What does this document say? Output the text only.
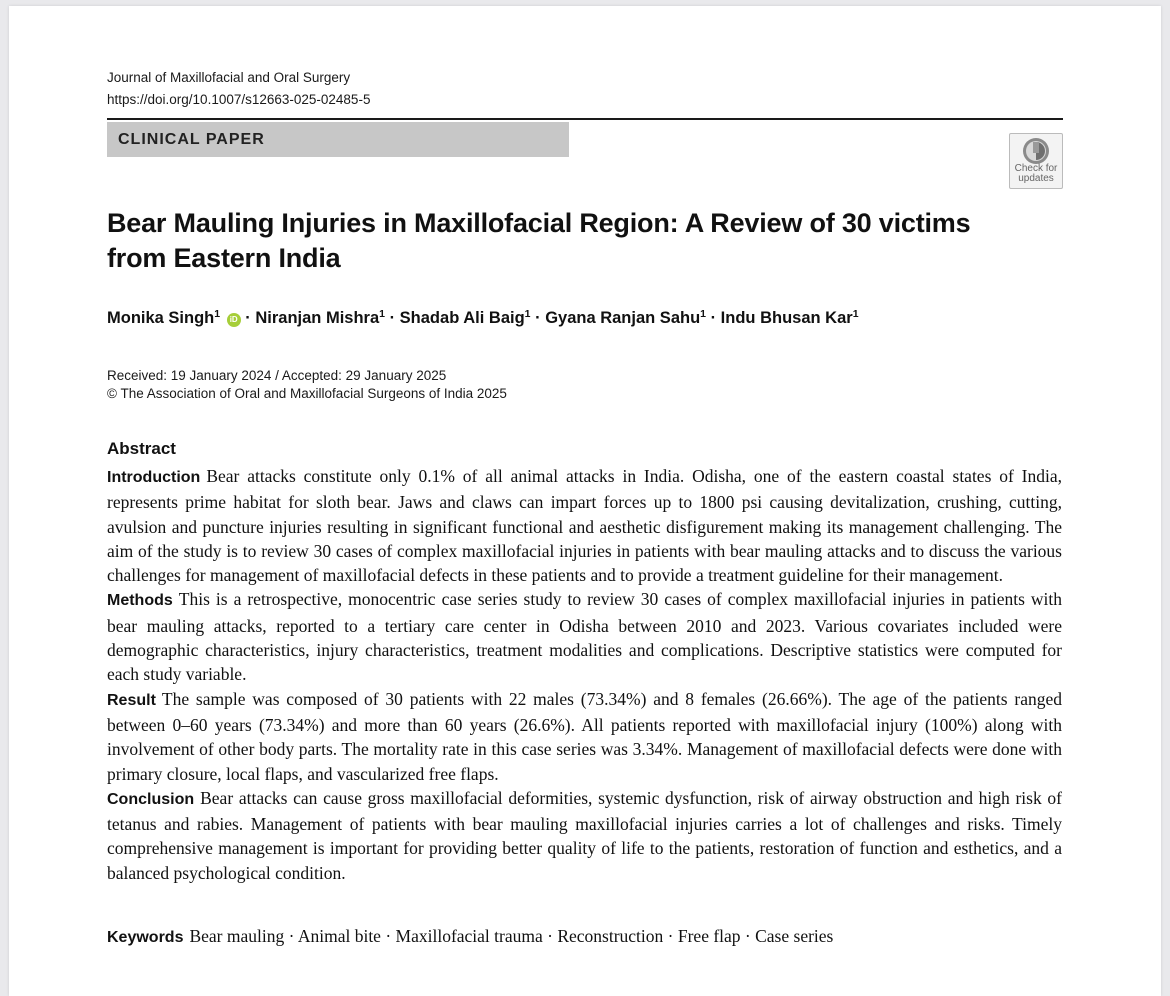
Journal of Maxillofacial and Oral Surgery
https://doi.org/10.1007/s12663-025-02485-5
CLINICAL PAPER
Check for
updates
Bear Mauling Injuries in Maxillofacial Region: A Review of 30 victims from Eastern India
Monika Singh$^1$ iD · Niranjan Mishra$^1$ · Shadab Ali Baig$^1$ · Gyana Ranjan Sahu$^1$ · Indu Bhusan Kar$^1$
Received: 19 January 2024 / Accepted: 29 January 2025
© The Association of Oral and Maxillofacial Surgeons of India 2025
Abstract

Introduction Bear attacks constitute only 0.1% of all animal attacks in India. Odisha, one of the eastern coastal states of India, represents prime habitat for sloth bear. Jaws and claws can impart forces up to 1800 psi causing devitalization, crushing, cutting, avulsion and puncture injuries resulting in significant functional and aesthetic disfigurement making its management challenging. The aim of the study is to review 30 cases of complex maxillofacial injuries in patients with bear mauling attacks and to discuss the various challenges for management of maxillofacial defects in these patients and to provide a treatment guideline for their management.

Methods This is a retrospective, monocentric case series study to review 30 cases of complex maxillofacial injuries in patients with bear mauling attacks, reported to a tertiary care center in Odisha between 2010 and 2023. Various covariates included were demographic characteristics, injury characteristics, treatment modalities and complications. Descriptive statistics were computed for each study variable.

Result The sample was composed of 30 patients with 22 males (73.34%) and 8 females (26.66%). The age of the patients ranged between 0–60 years (73.34%) and more than 60 years (26.6%). All patients reported with maxillofacial injury (100%) along with involvement of other body parts. The mortality rate in this case series was 3.34%. Management of maxillofacial defects were done with primary closure, local flaps, and vascularized free flaps.

Conclusion Bear attacks can cause gross maxillofacial deformities, systemic dysfunction, risk of airway obstruction and high risk of tetanus and rabies. Management of patients with bear mauling maxillofacial injuries carries a lot of challenges and risks. Timely comprehensive management is important for providing better quality of life to the patients, restoration of function and esthetics, and a balanced psychological condition.

Keywords Bear mauling · Animal bite · Maxillofacial trauma · Reconstruction · Free flap · Case series
